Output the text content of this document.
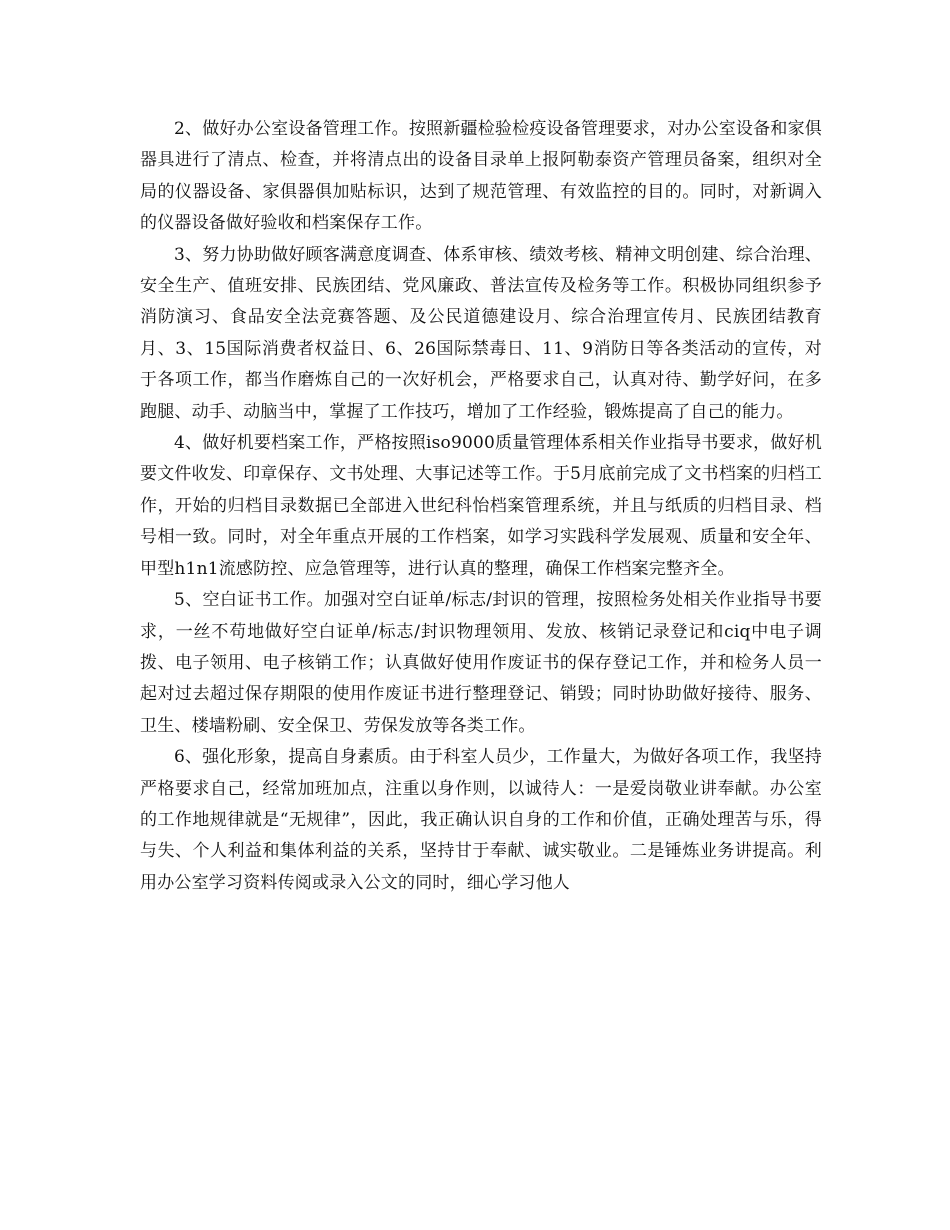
2、做好办公室设备管理工作。按照新疆检验检疫设备管理要求，对办公室设备和家俱器具进行了清点、检查，并将清点出的设备目录单上报阿勒泰资产管理员备案，组织对全局的仪器设备、家俱器俱加贴标识，达到了规范管理、有效监控的目的。同时，对新调入的仪器设备做好验收和档案保存工作。

3、努力协助做好顾客满意度调查、体系审核、绩效考核、精神文明创建、综合治理、安全生产、值班安排、民族团结、党风廉政、普法宣传及检务等工作。积极协同组织参予消防演习、食品安全法竞赛答题、及公民道德建设月、综合治理宣传月、民族团结教育月、3、15国际消费者权益日、6、26国际禁毒日、11、9消防日等各类活动的宣传，对于各项工作，都当作磨炼自己的一次好机会，严格要求自己，认真对待、勤学好问，在多跑腿、动手、动脑当中，掌握了工作技巧，增加了工作经验，锻炼提高了自己的能力。

4、做好机要档案工作，严格按照iso9000质量管理体系相关作业指导书要求，做好机要文件收发、印章保存、文书处理、大事记述等工作。于5月底前完成了文书档案的归档工作，开始的归档目录数据已全部进入世纪科怡档案管理系统，并且与纸质的归档目录、档号相一致。同时，对全年重点开展的工作档案，如学习实践科学发展观、质量和安全年、甲型h1n1流感防控、应急管理等，进行认真的整理，确保工作档案完整齐全。

5、空白证书工作。加强对空白证单/标志/封识的管理，按照检务处相关作业指导书要求，一丝不苟地做好空白证单/标志/封识物理领用、发放、核销记录登记和ciq中电子调拨、电子领用、电子核销工作；认真做好使用作废证书的保存登记工作，并和检务人员一起对过去超过保存期限的使用作废证书进行整理登记、销毁；同时协助做好接待、服务、卫生、楼墙粉刷、安全保卫、劳保发放等各类工作。

6、强化形象，提高自身素质。由于科室人员少，工作量大，为做好各项工作，我坚持严格要求自己，经常加班加点，注重以身作则，以诚待人：一是爱岗敬业讲奉献。办公室的工作地规律就是“无规律”，因此，我正确认识自身的工作和价值，正确处理苦与乐，得与失、个人利益和集体利益的关系，坚持甘于奉献、诚实敬业。二是锤炼业务讲提高。利用办公室学习资料传阅或录入公文的同时，细心学习他人
